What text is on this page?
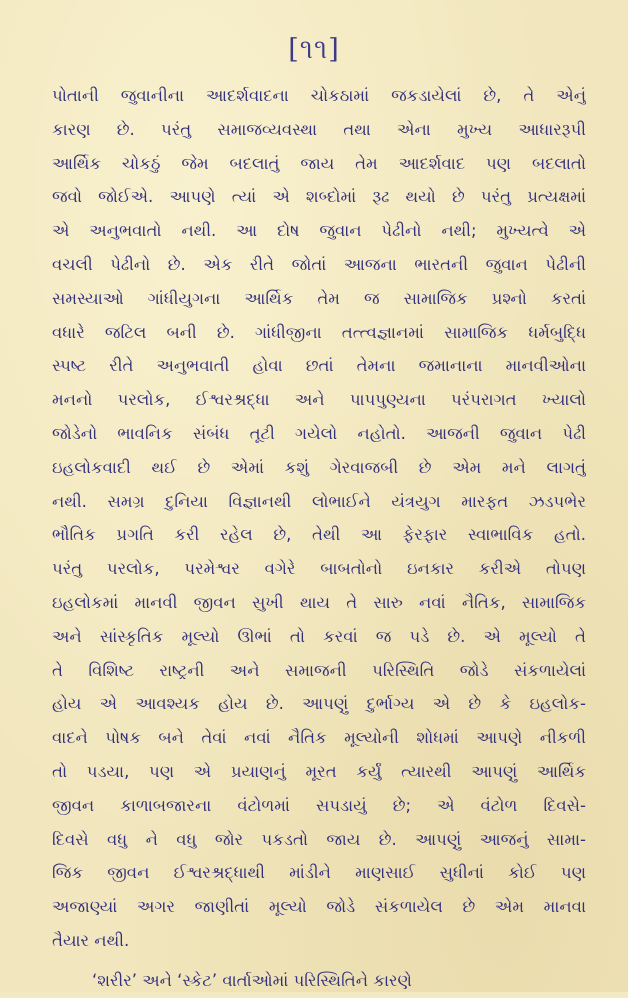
[૧૧]
પોતાની જુવાનીના આદર્શવાદના ચોકઠામાં જકડાયેલાં છે, તે એનું
કારણ છે. પરંતુ સમાજવ્યવસ્થા તથા એના મુખ્ય આધારરૂપી
આર્થિક ચોકઠું જેમ બદલાતું જાય તેમ આદર્શવાદ પણ બદલાતો
જવો જોઈએ. આપણે ત્યાં એ શબ્દોમાં રૂઢ થયો છે પરંતુ પ્રત્યક્ષમાં
એ અનુભવાતો નથી. આ દોષ જુવાન પેઢીનો નથી; મુખ્યત્વે એ
વચલી પેઢીનો છે. એક રીતે જોતાં આજના ભારતની જુવાન પેઢીની
સમસ્યાઓ ગાંધીયુગના આર્થિક તેમ જ સામાજિક પ્રશ્નો કરતાં
વધારે જટિલ બની છે. ગાંધીજીના તત્ત્વજ્ઞાનમાં સામાજિક ધર્મબુદ્ધિ
સ્પષ્ટ રીતે અનુભવાતી હોવા છતાં તેમના જમાનાના માનવીઓના
મનનો પરલોક, ઈશ્વરશ્રદ્ધા અને પાપપુણ્યના પરંપરાગત ખ્યાલો
જોડેનો ભાવનિક સંબંધ તૂટી ગયેલો નહોતો. આજની જુવાન પેઢી
ઇહલોકવાદી થઈ છે એમાં કશું ગેરવાજબી છે એમ મને લાગતું
નથી. સમગ્ર દુનિયા વિજ્ઞાનથી લોભાઈને યંત્રયુગ મારફત ઝડપભેર
ભૌતિક પ્રગતિ કરી રહેલ છે, તેથી આ ફેરફાર સ્વાભાવિક હતો.
પરંતુ પરલોક, પરમેશ્વર વગેરે બાબતોનો ઇનકાર કરીએ તોપણ
ઇહલોકમાં માનવી જીવન સુખી થાય તે સારુ નવાં નૈતિક, સામાજિક
અને સાંસ્કૃતિક મૂલ્યો ઊભાં તો કરવાં જ પડે છે. એ મૂલ્યો તે
તે વિશિષ્ટ રાષ્ટ્રની અને સમાજની પરિસ્થિતિ જોડે સંકળાયેલાં
હોય એ આવશ્યક હોય છે. આપણું દુર્ભાગ્ય એ છે કે ઇહલોક-
વાદને પોષક બને તેવાં નવાં નૈતિક મૂલ્યોની શોધમાં આપણે નીકળી
તો પડયા, પણ એ પ્રયાણનું મૂરત કર્યું ત્યારથી આપણું આર્થિક
જીવન કાળાબજારના વંટોળમાં સપડાયું છે; એ વંટોળ દિવસે-
દિવસે વધુ ને વધુ જોર પકડતો જાય છે. આપણું આજનું સામા-
જિક જીવન ઈશ્વરશ્રદ્ધાથી માંડીને માણસાઈ સુધીનાં કોઈ પણ
અજાણ્યાં અગર જાણીતાં મૂલ્યો જોડે સંકળાયેલ છે એમ માનવા
તૈયાર નથી.
‘શરીર’ અને ‘સ્કેટ’ વાર્તાઓમાં પરિસ્થિતિને કારણે
